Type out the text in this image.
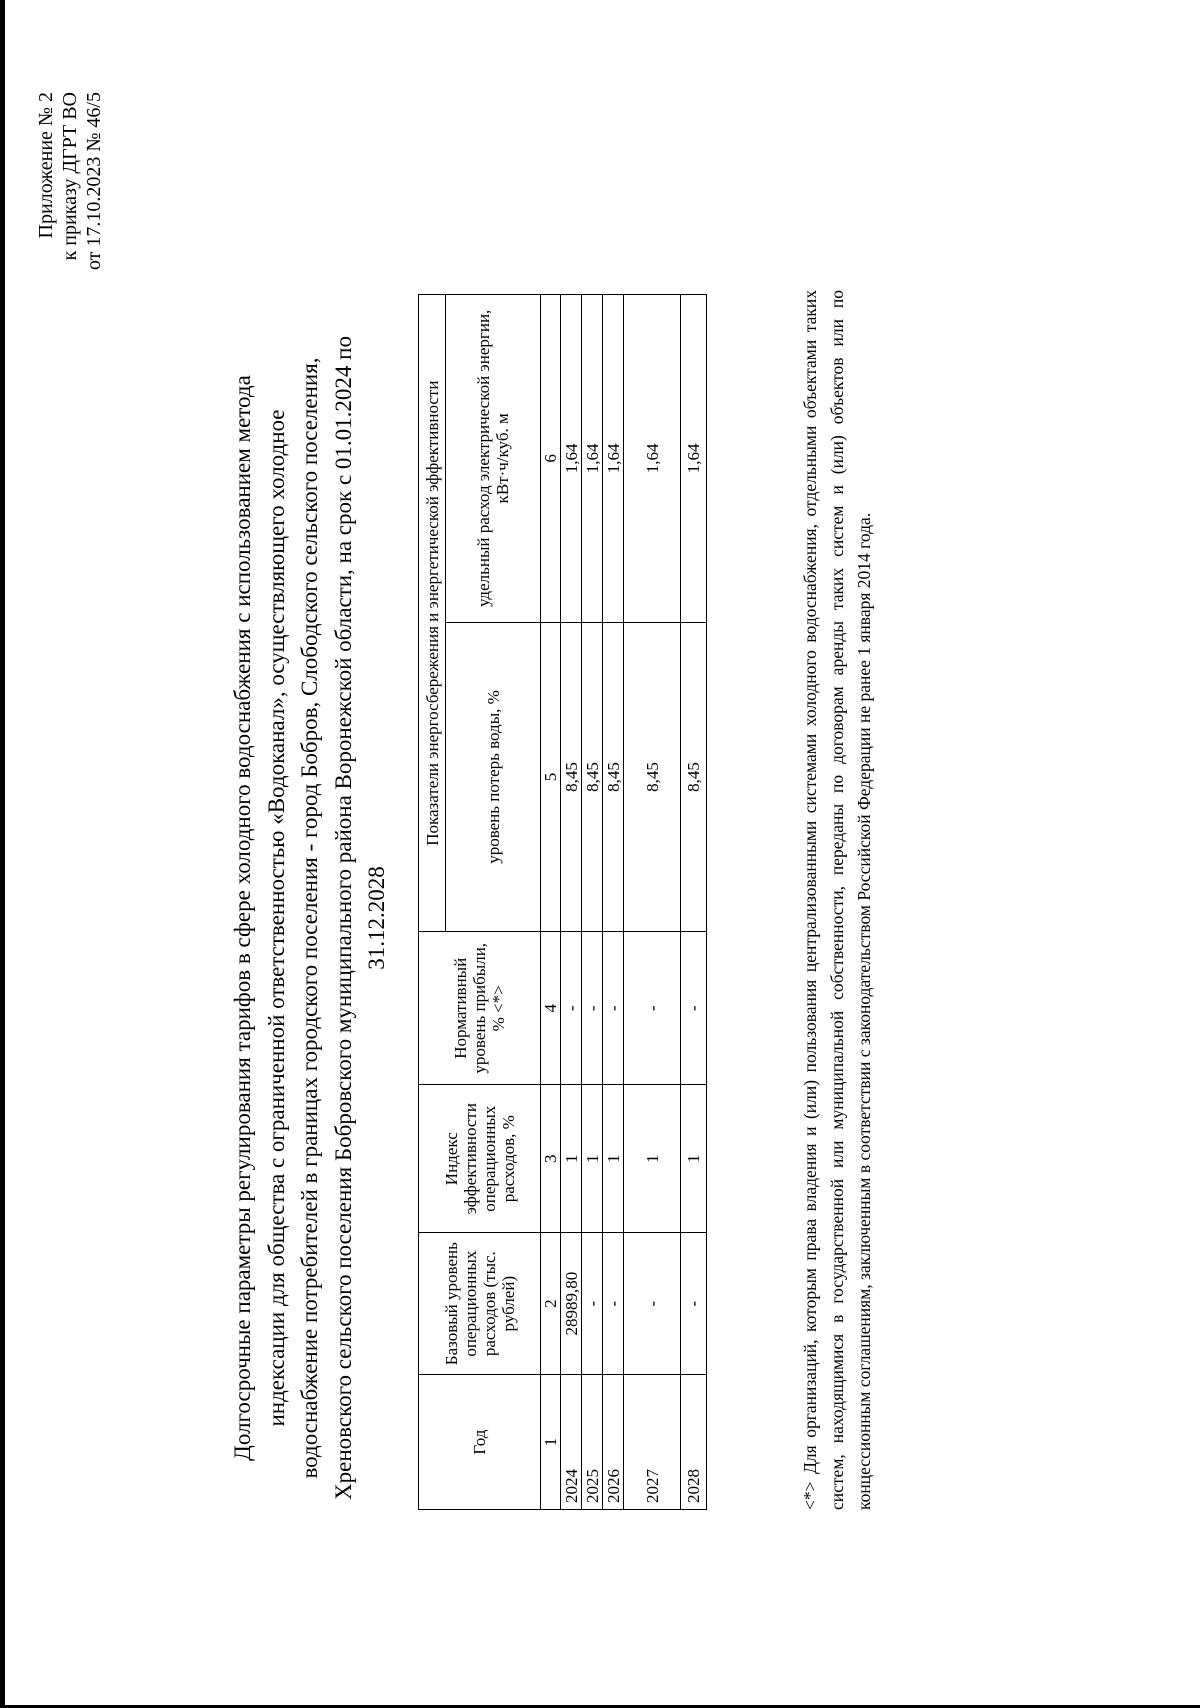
Приложение № 2 к приказу ДГРТ ВО от 17.10.2023 № 46/5
Долгосрочные параметры регулирования тарифов в сфере холодного водоснабжения с использованием метода индексации для общества с ограниченной ответственностью «Водоканал», осуществляющего холодное водоснабжение потребителей в границах городского поселения - город Бобров, Слободского сельского поселения, Хреновского сельского поселения Бобровского муниципального района Воронежской области, на срок с 01.01.2024 по 31.12.2028
Год	Базовый уровень операционных расходов (тыс. рублей)	Индекс эффективности операционных расходов, %	Нормативный уровень прибыли, % <*>	Показатели энергосбережения и энергетической эффективности	
				уровень потерь воды, %	удельный расход электрической энергии, кВт·ч/куб. м
1	2	3	4	5	6
2024	28989,80	1	-	8,45	1,64
2025	-	1	-	8,45	1,64
2026	-	1	-	8,45	1,64
2027	-	1	-	8,45	1,64
2028	-	1	-	8,45	1,64	<*> Для организаций, которым права владения и (или) пользования централизованными системами холодного водоснабжения, отдельными объектами таких систем, находящимися в государственной или муниципальной собственности, переданы по договорам аренды таких систем и (или) объектов или по концессионным соглашениям, заключенным в соответствии с законодательством Российской Федерации не ранее 1 января 2014 года.
